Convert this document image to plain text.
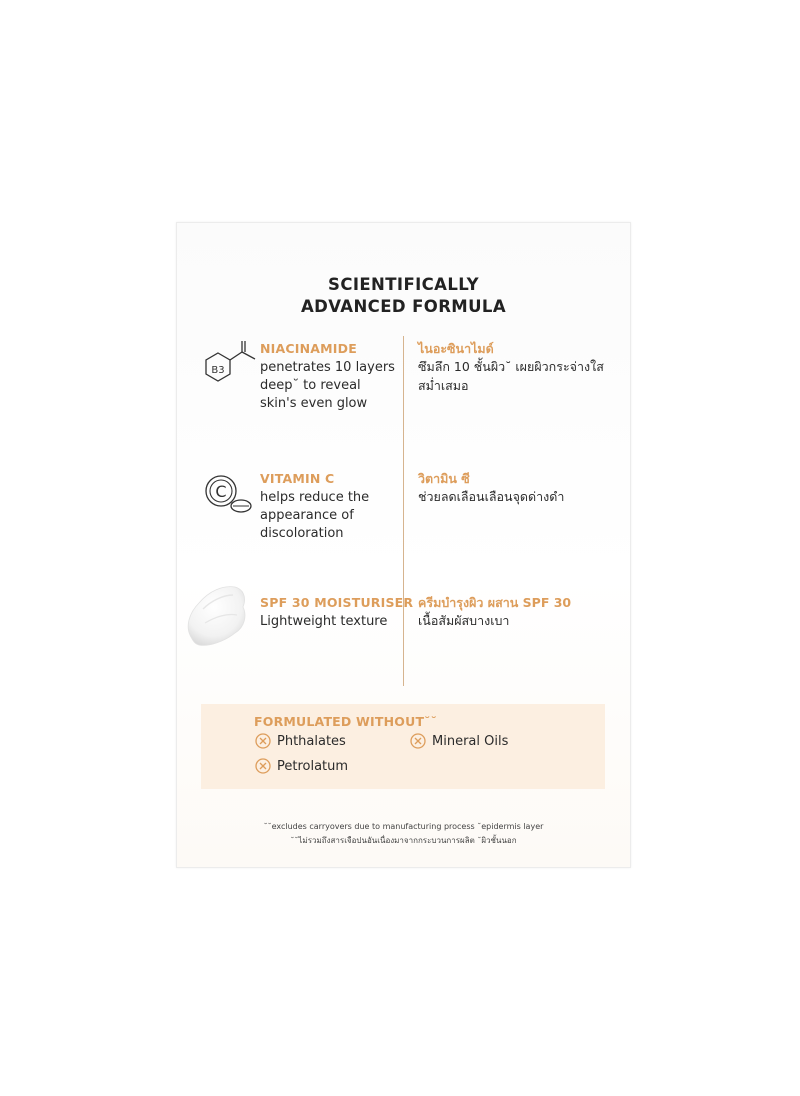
SCIENTIFICALLY
ADVANCED FORMULA
B3
NIACINAMIDE
penetrates 10 layers
deep˘ to reveal
skin's even glow
ไนอะซินาไมด์
ซึมลึก 10 ชั้นผิว˘ เผยผิวกระจ่างใส
สม่ำเสมอ
C
VITAMIN C
helps reduce the
appearance of
discoloration
วิตามิน ซี
ช่วยลดเลือนเลือนจุดด่างดำ
SPF 30 MOISTURISER
Lightweight texture
ครีมบำรุงผิว ผสาน SPF 30
เนื้อสัมผัสบางเบา
FORMULATED WITHOUT˘˘
Phthalates	Mineral Oils
Petrolatum
˘˘excludes carryovers due to manufacturing process ˘epidermis layer
˘˘ไม่รวมถึงสารเจือปนอันเนื่องมาจากกระบวนการผลิต ˘ผิวชั้นนอก
